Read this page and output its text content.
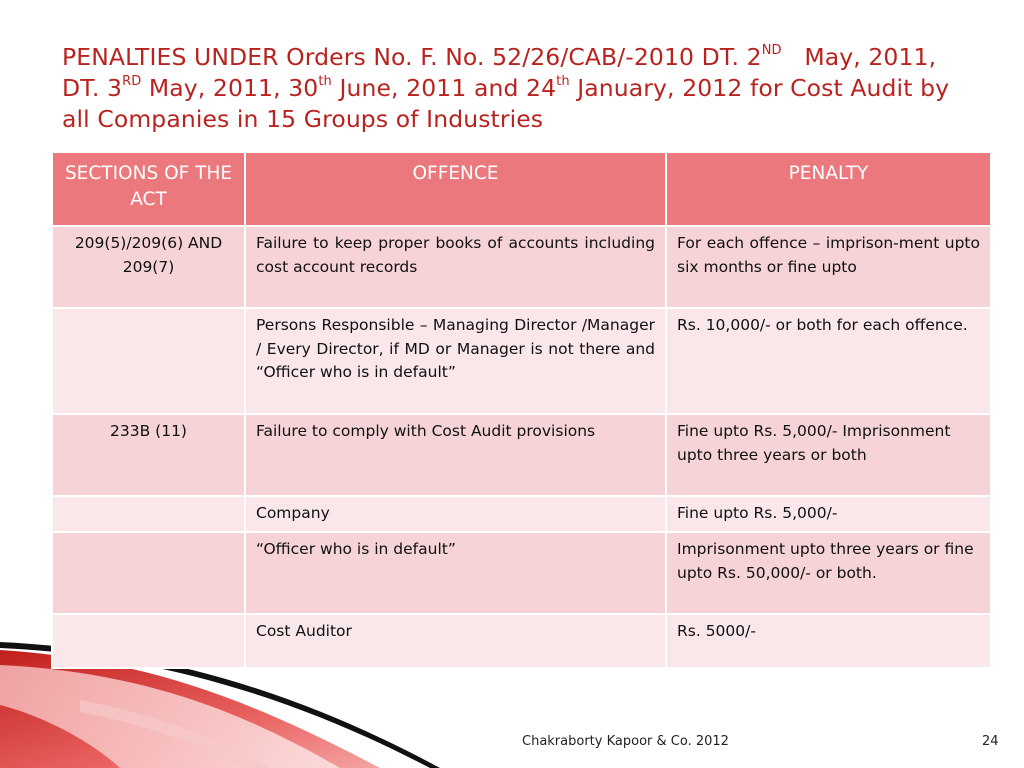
PENALTIES UNDER Orders No. F. No. 52/26/CAB/-2010 DT. 2ND May, 2011, DT. 3RD May, 2011, 30th June, 2011 and 24th January, 2012 for Cost Audit by all Companies in 15 Groups of Industries
SECTIONS OF THE ACT	OFFENCE	PENALTY
209(5)/209(6) AND 209(7)	Failure to keep proper books of accounts including cost account records	For each offence – imprison-ment upto six months or fine upto
	Persons Responsible – Managing Director /Manager / Every Director, if MD or Manager is not there and “Officer who is in default”	Rs. 10,000/- or both for each offence.
233B (11)	Failure to comply with Cost Audit provisions	Fine upto Rs. 5,000/- Imprisonment upto three years or both
	Company	Fine upto Rs. 5,000/-
	“Officer who is in default”	Imprisonment upto three years or fine upto Rs. 50,000/- or both.
	Cost Auditor	Rs. 5000/-
Chakraborty Kapoor & Co. 2012	24
